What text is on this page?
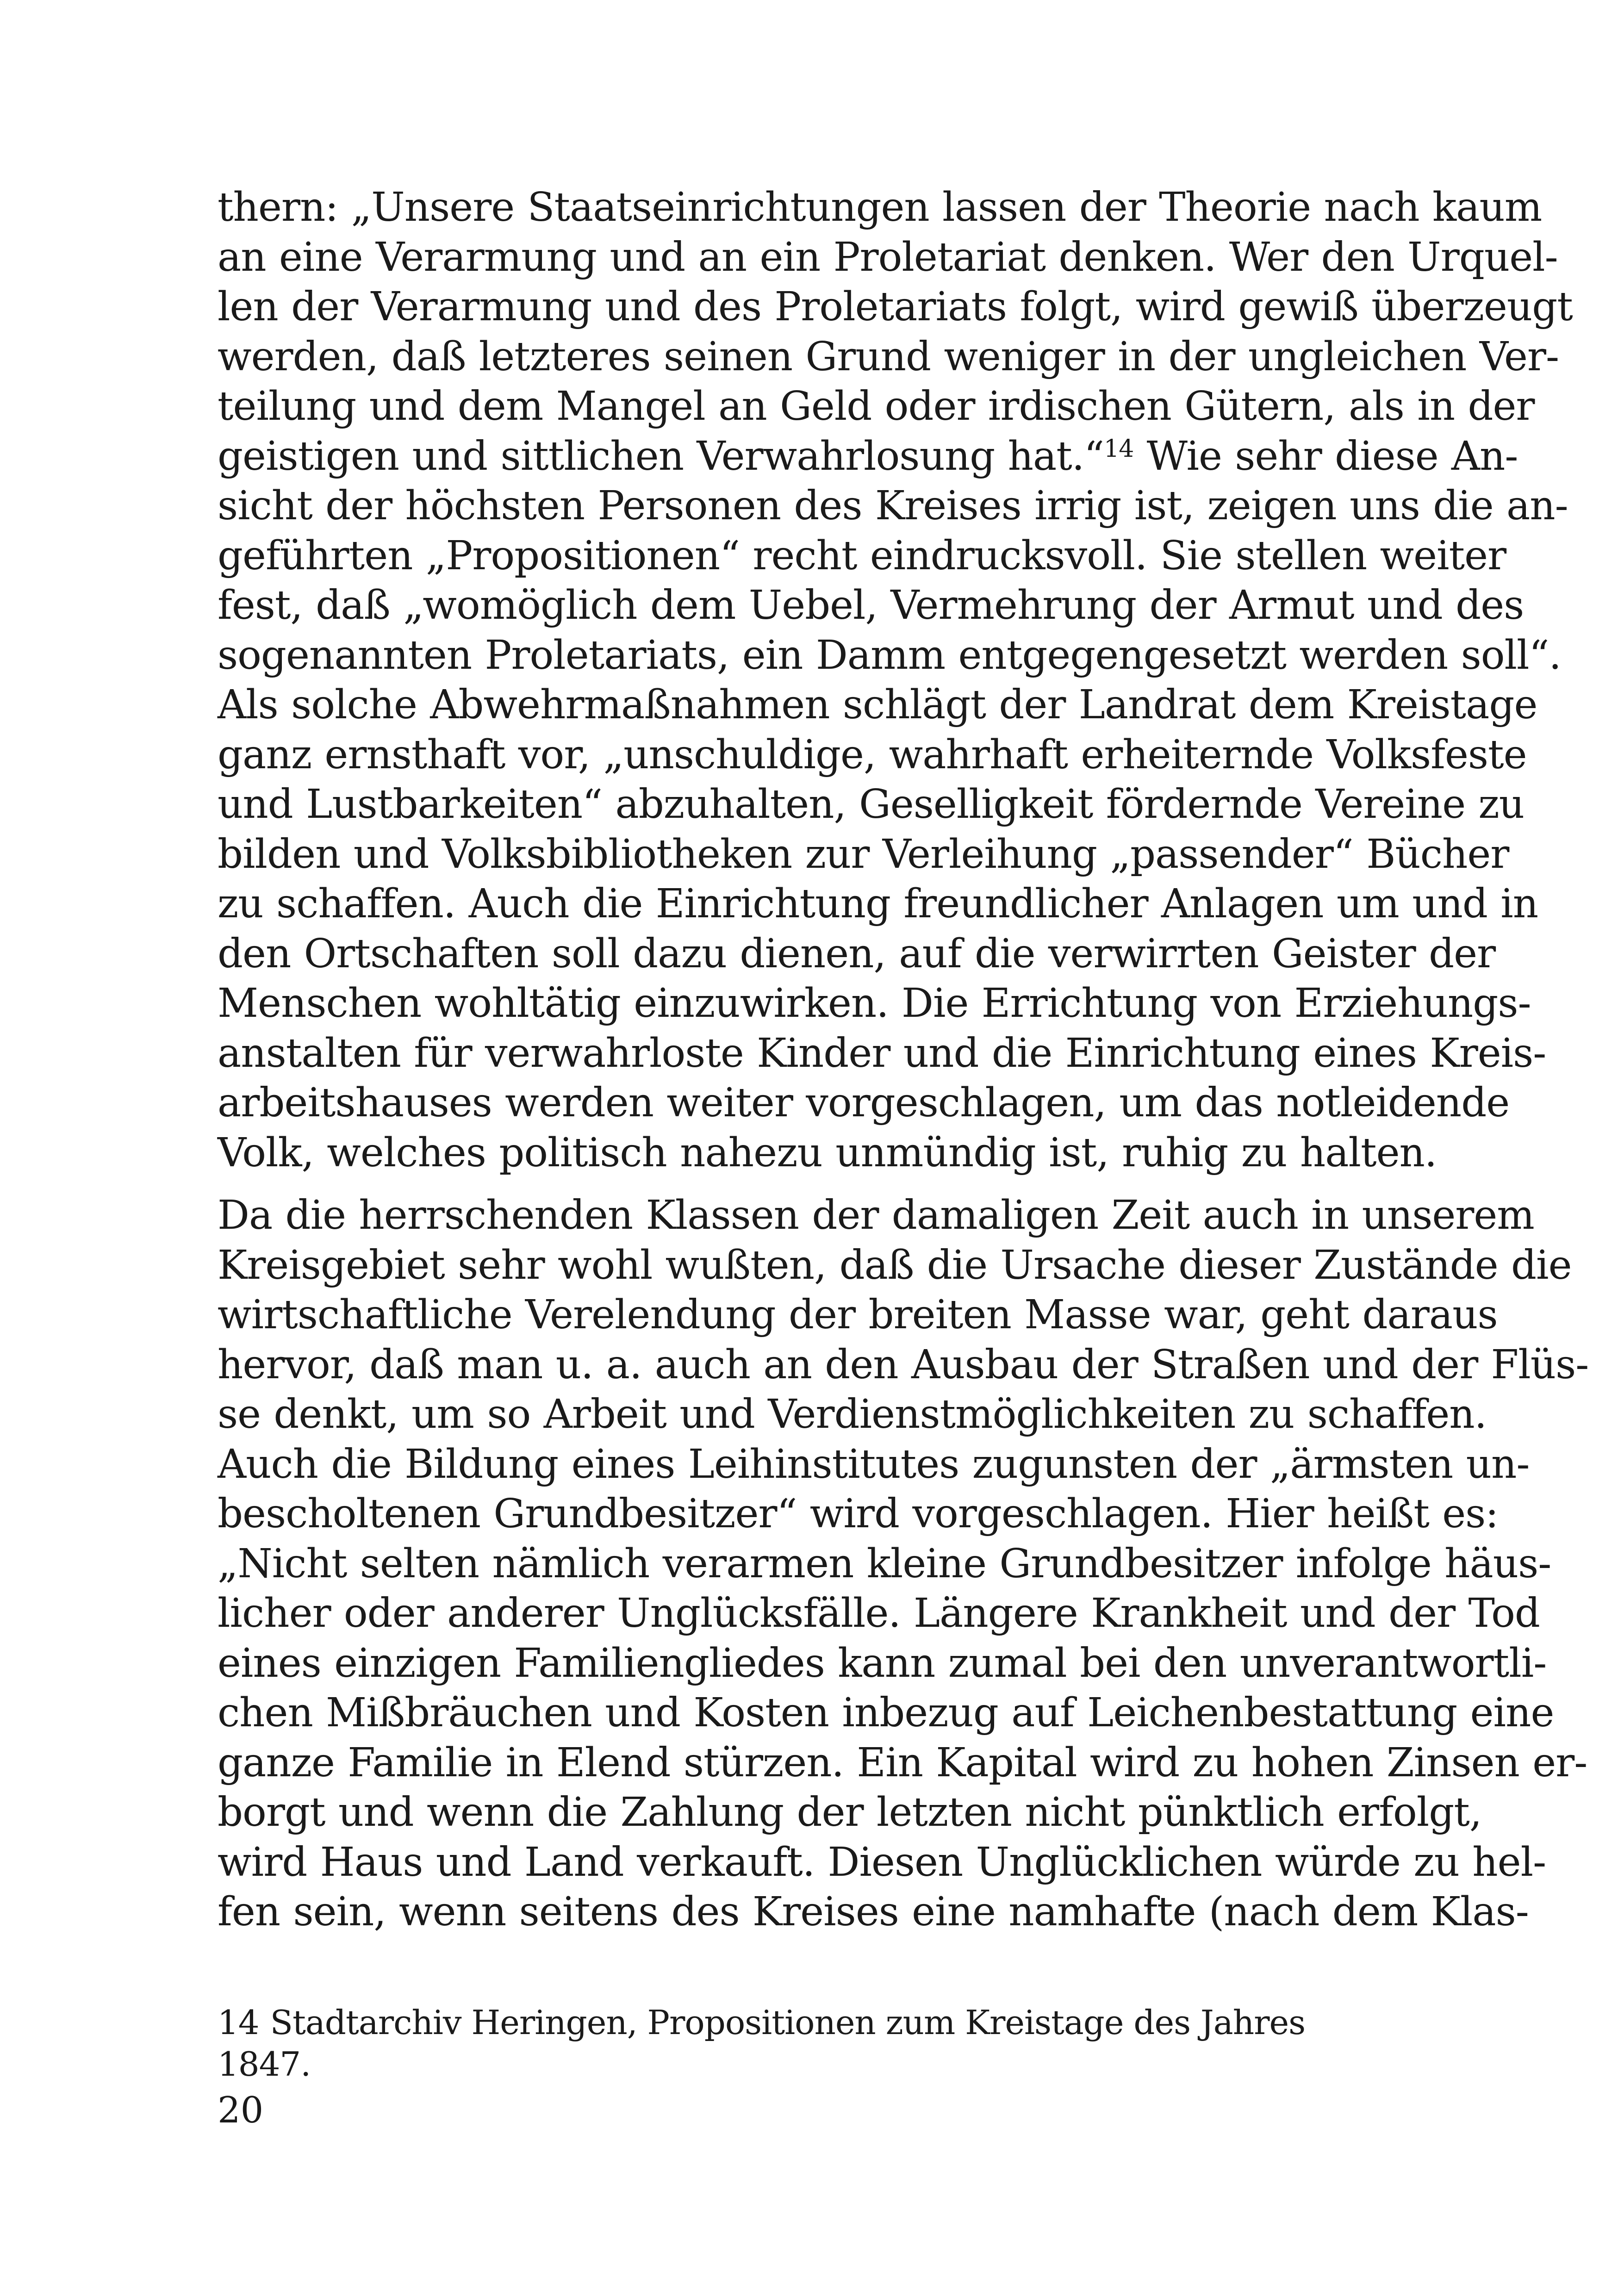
thern: „Unsere Staatseinrichtungen lassen der Theorie nach kaum
an eine Verarmung und an ein Proletariat denken. Wer den Urquel-
len der Verarmung und des Proletariats folgt, wird gewiß überzeugt
werden, daß letzteres seinen Grund weniger in der ungleichen Ver-
teilung und dem Mangel an Geld oder irdischen Gütern, als in der
geistigen und sittlichen Verwahrlosung hat.“$^{14}$ Wie sehr diese An-
sicht der höchsten Personen des Kreises irrig ist, zeigen uns die an-
geführten „Propositionen“ recht eindrucksvoll. Sie stellen weiter
fest, daß „womöglich dem Uebel, Vermehrung der Armut und des
sogenannten Proletariats, ein Damm entgegengesetzt werden soll“.
Als solche Abwehrmaßnahmen schlägt der Landrat dem Kreistage
ganz ernsthaft vor, „unschuldige, wahrhaft erheiternde Volksfeste
und Lustbarkeiten“ abzuhalten, Geselligkeit fördernde Vereine zu
bilden und Volksbibliotheken zur Verleihung „passender“ Bücher
zu schaffen. Auch die Einrichtung freundlicher Anlagen um und in
den Ortschaften soll dazu dienen, auf die verwirrten Geister der
Menschen wohltätig einzuwirken. Die Errichtung von Erziehungs-
anstalten für verwahrloste Kinder und die Einrichtung eines Kreis-
arbeitshauses werden weiter vorgeschlagen, um das notleidende
Volk, welches politisch nahezu unmündig ist, ruhig zu halten.
Da die herrschenden Klassen der damaligen Zeit auch in unserem
Kreisgebiet sehr wohl wußten, daß die Ursache dieser Zustände die
wirtschaftliche Verelendung der breiten Masse war, geht daraus
hervor, daß man u. a. auch an den Ausbau der Straßen und der Flüs-
se denkt, um so Arbeit und Verdienstmöglichkeiten zu schaffen.
Auch die Bildung eines Leihinstitutes zugunsten der „ärmsten un-
bescholtenen Grundbesitzer“ wird vorgeschlagen. Hier heißt es:
„Nicht selten nämlich verarmen kleine Grundbesitzer infolge häus-
licher oder anderer Unglücksfälle. Längere Krankheit und der Tod
eines einzigen Familiengliedes kann zumal bei den unverantwortli-
chen Mißbräuchen und Kosten inbezug auf Leichenbestattung eine
ganze Familie in Elend stürzen. Ein Kapital wird zu hohen Zinsen er-
borgt und wenn die Zahlung der letzten nicht pünktlich erfolgt,
wird Haus und Land verkauft. Diesen Unglücklichen würde zu hel-
fen sein, wenn seitens des Kreises eine namhafte (nach dem Klas-
14 Stadtarchiv Heringen, Propositionen zum Kreistage des Jahres 1847.
20
